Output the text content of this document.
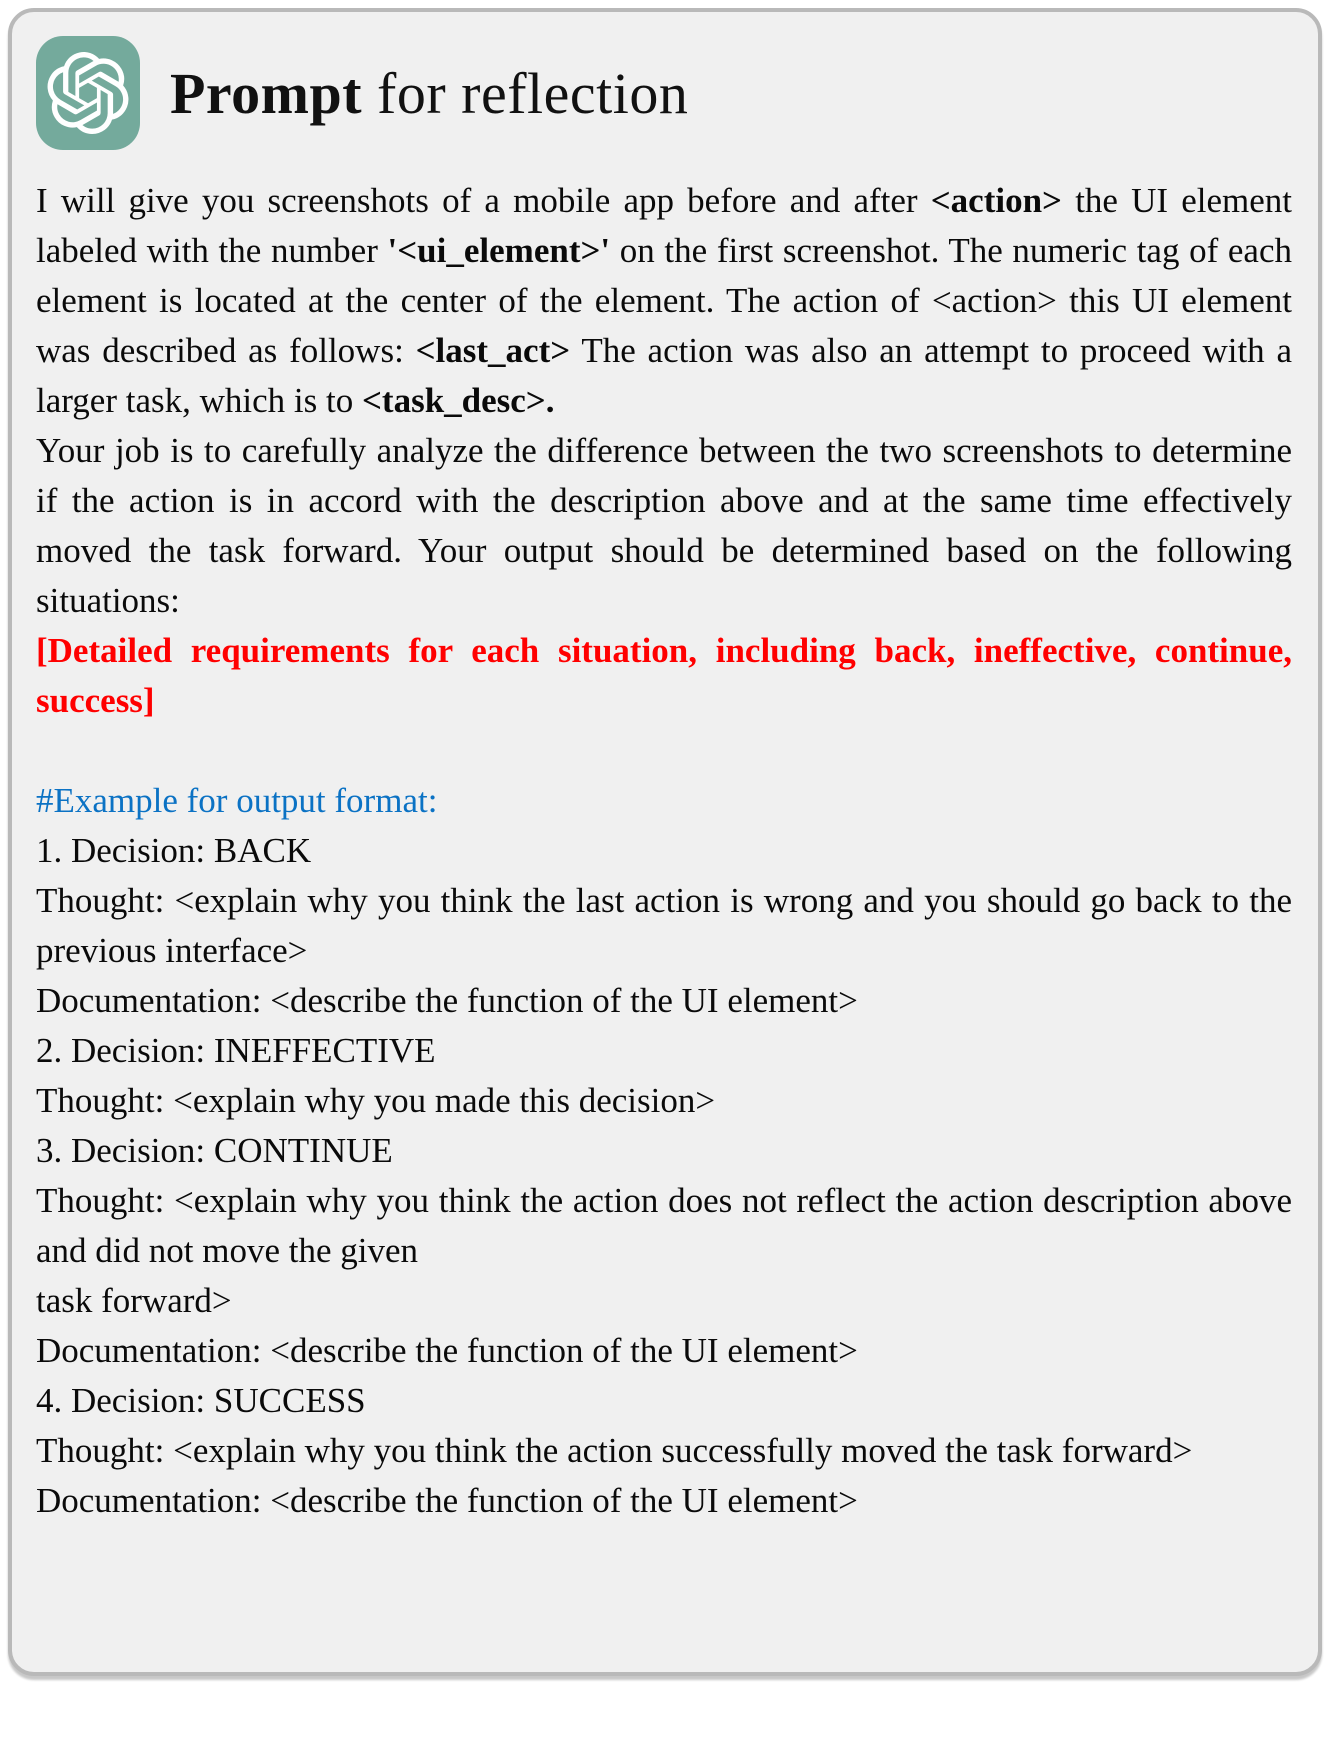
Prompt for reflection

I will give you screenshots of a mobile app before and after <action> the UI element labeled with the number '<ui_element>' on the first screenshot. The numeric tag of each element is located at the center of the element. The action of <action> this UI element was described as follows: <last_act> The action was also an attempt to proceed with a larger task, which is to <task_desc>.

Your job is to carefully analyze the difference between the two screenshots to determine if the action is in accord with the description above and at the same time effectively moved the task forward. Your output should be determined based on the following situations:

[Detailed requirements for each situation, including back, ineffective, continue, success]

#Example for output format:

1. Decision: BACK

Thought: <explain why you think the last action is wrong and you should go back to the previous interface>

Documentation: <describe the function of the UI element>

2. Decision: INEFFECTIVE

Thought: <explain why you made this decision>

3. Decision: CONTINUE

Thought: <explain why you think the action does not reflect the action description above and did not move the given
task forward>

Documentation: <describe the function of the UI element>

4. Decision: SUCCESS

Thought: <explain why you think the action successfully moved the task forward>

Documentation: <describe the function of the UI element>
